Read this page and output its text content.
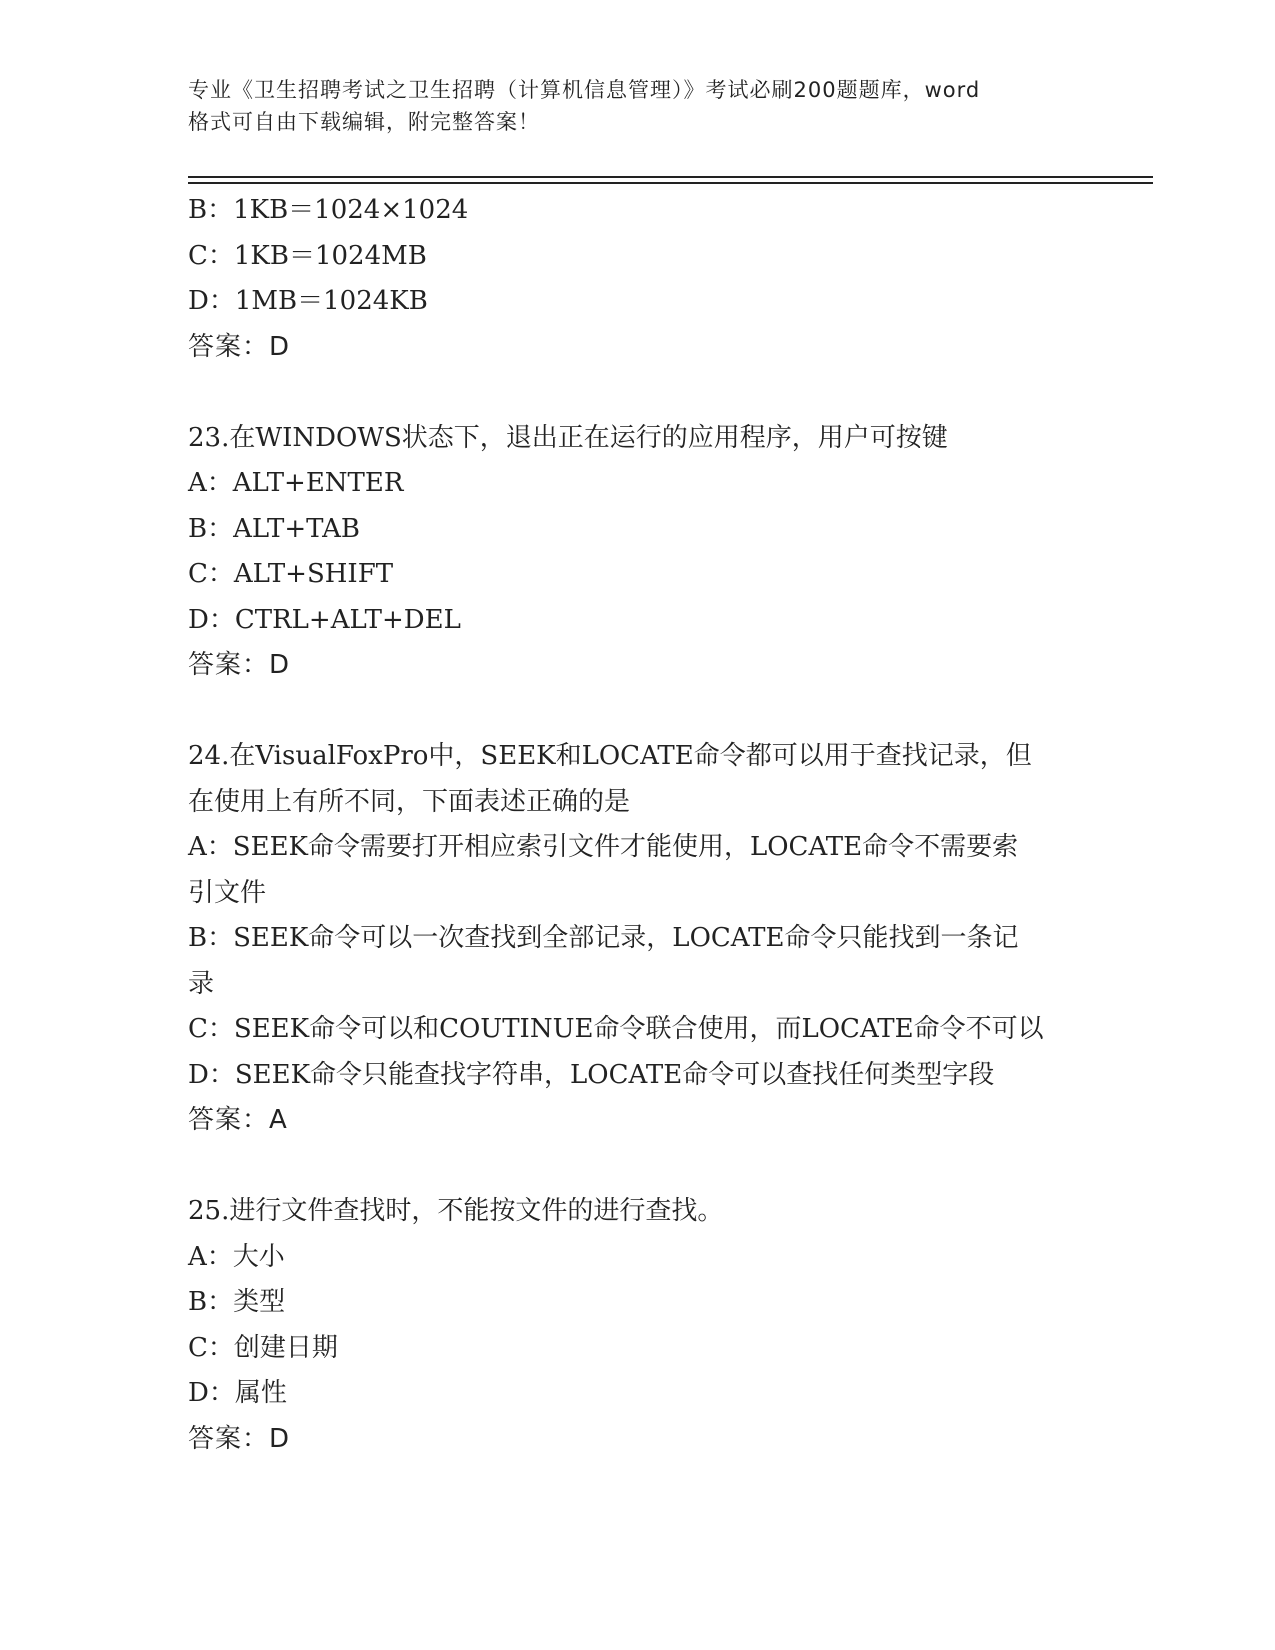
专业《卫生招聘考试之卫生招聘（计算机信息管理）》考试必刷200题题库，word
格式可自由下载编辑，附完整答案！

B：1KB＝1024×1024

C：1KB＝1024MB

D：1MB＝1024KB

答案：D

23.在WINDOWS状态下，退出正在运行的应用程序，用户可按键

A：ALT+ENTER

B：ALT+TAB

C：ALT+SHIFT

D：CTRL+ALT+DEL

答案：D

24.在VisualFoxPro中，SEEK和LOCATE命令都可以用于查找记录，但

在使用上有所不同，下面表述正确的是

A：SEEK命令需要打开相应索引文件才能使用，LOCATE命令不需要索

引文件

B：SEEK命令可以一次查找到全部记录，LOCATE命令只能找到一条记

录

C：SEEK命令可以和COUTINUE命令联合使用，而LOCATE命令不可以

D：SEEK命令只能查找字符串，LOCATE命令可以查找任何类型字段

答案：A

25.进行文件查找时，不能按文件的进行查找。

A：大小

B：类型

C：创建日期

D：属性

答案：D
